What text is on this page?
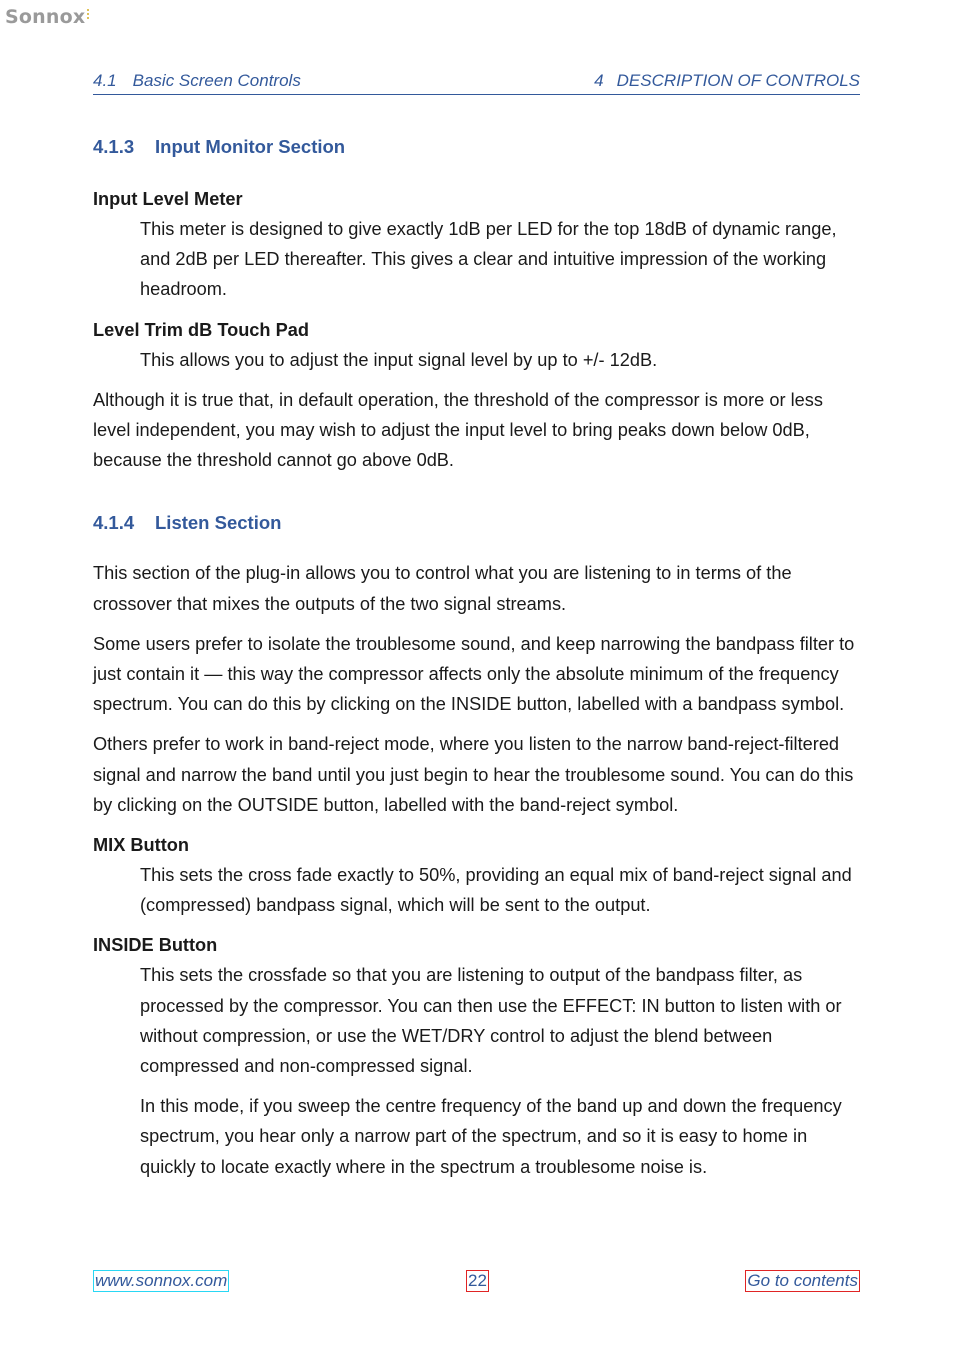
Sonnox
4.1 Basic Screen Controls	4 DESCRIPTION OF CONTROLS
4.1.3 Input Monitor Section

Input Level Meter

This meter is designed to give exactly 1dB per LED for the top 18dB of dynamic range, and 2dB per LED thereafter. This gives a clear and intuitive impression of the working headroom.

Level Trim dB Touch Pad

This allows you to adjust the input signal level by up to +/- 12dB.

Although it is true that, in default operation, the threshold of the compressor is more or less level independent, you may wish to adjust the input level to bring peaks down below 0dB, because the threshold cannot go above 0dB.

4.1.4 Listen Section

This section of the plug-in allows you to control what you are listening to in terms of the crossover that mixes the outputs of the two signal streams.

Some users prefer to isolate the troublesome sound, and keep narrowing the bandpass filter to just contain it — this way the compressor affects only the absolute minimum of the frequency spectrum. You can do this by clicking on the INSIDE button, labelled with a bandpass symbol.

Others prefer to work in band-reject mode, where you listen to the narrow band-reject-filtered signal and narrow the band until you just begin to hear the troublesome sound. You can do this by clicking on the OUTSIDE button, labelled with the band-reject symbol.

MIX Button

This sets the cross fade exactly to 50%, providing an equal mix of band-reject signal and (compressed) bandpass signal, which will be sent to the output.

INSIDE Button

This sets the crossfade so that you are listening to output of the bandpass filter, as processed by the compressor. You can then use the EFFECT: IN button to listen with or without compression, or use the WET/DRY control to adjust the blend between compressed and non-compressed signal.

In this mode, if you sweep the centre frequency of the band up and down the frequency spectrum, you hear only a narrow part of the spectrum, and so it is easy to home in quickly to locate exactly where in the spectrum a troublesome noise is.

www.sonnox.com	22	Go to contents
